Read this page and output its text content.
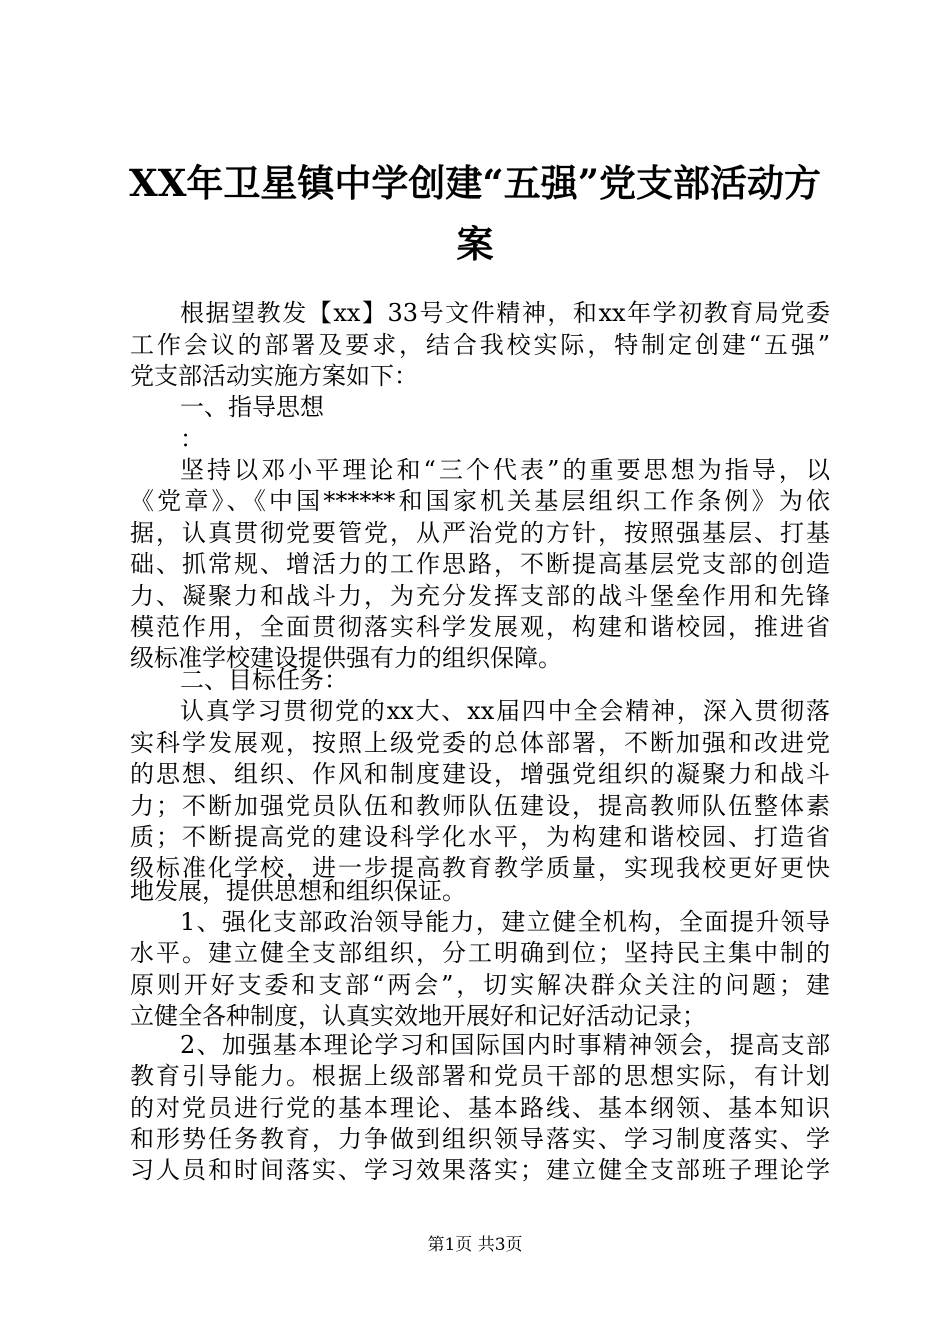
XX年卫星镇中学创建“五强”党支部活动方
案
根据望教发【xx】33号文件精神，和xx年学初教育局党委
工作会议的部署及要求，结合我校实际，特制定创建“五强”
党支部活动实施方案如下：
一、指导思想
：
坚持以邓小平理论和“三个代表”的重要思想为指导，以
《党章》、《中国******和国家机关基层组织工作条例》为依
据，认真贯彻党要管党，从严治党的方针，按照强基层、打基
础、抓常规、增活力的工作思路，不断提高基层党支部的创造
力、凝聚力和战斗力，为充分发挥支部的战斗堡垒作用和先锋
模范作用，全面贯彻落实科学发展观，构建和谐校园，推进省
级标准学校建设提供强有力的组织保障。
二、目标任务：
认真学习贯彻党的xx大、xx届四中全会精神，深入贯彻落
实科学发展观，按照上级党委的总体部署，不断加强和改进党
的思想、组织、作风和制度建设，增强党组织的凝聚力和战斗
力；不断加强党员队伍和教师队伍建设，提高教师队伍整体素
质；不断提高党的建设科学化水平，为构建和谐校园、打造省
级标准化学校，进一步提高教育教学质量，实现我校更好更快
地发展，提供思想和组织保证。
1、强化支部政治领导能力，建立健全机构，全面提升领导
水平。建立健全支部组织，分工明确到位；坚持民主集中制的
原则开好支委和支部“两会”，切实解决群众关注的问题；建
立健全各种制度，认真实效地开展好和记好活动记录；
2、加强基本理论学习和国际国内时事精神领会，提高支部
教育引导能力。根据上级部署和党员干部的思想实际，有计划
的对党员进行党的基本理论、基本路线、基本纲领、基本知识
和形势任务教育，力争做到组织领导落实、学习制度落实、学
习人员和时间落实、学习效果落实；建立健全支部班子理论学
第1页 共3页
